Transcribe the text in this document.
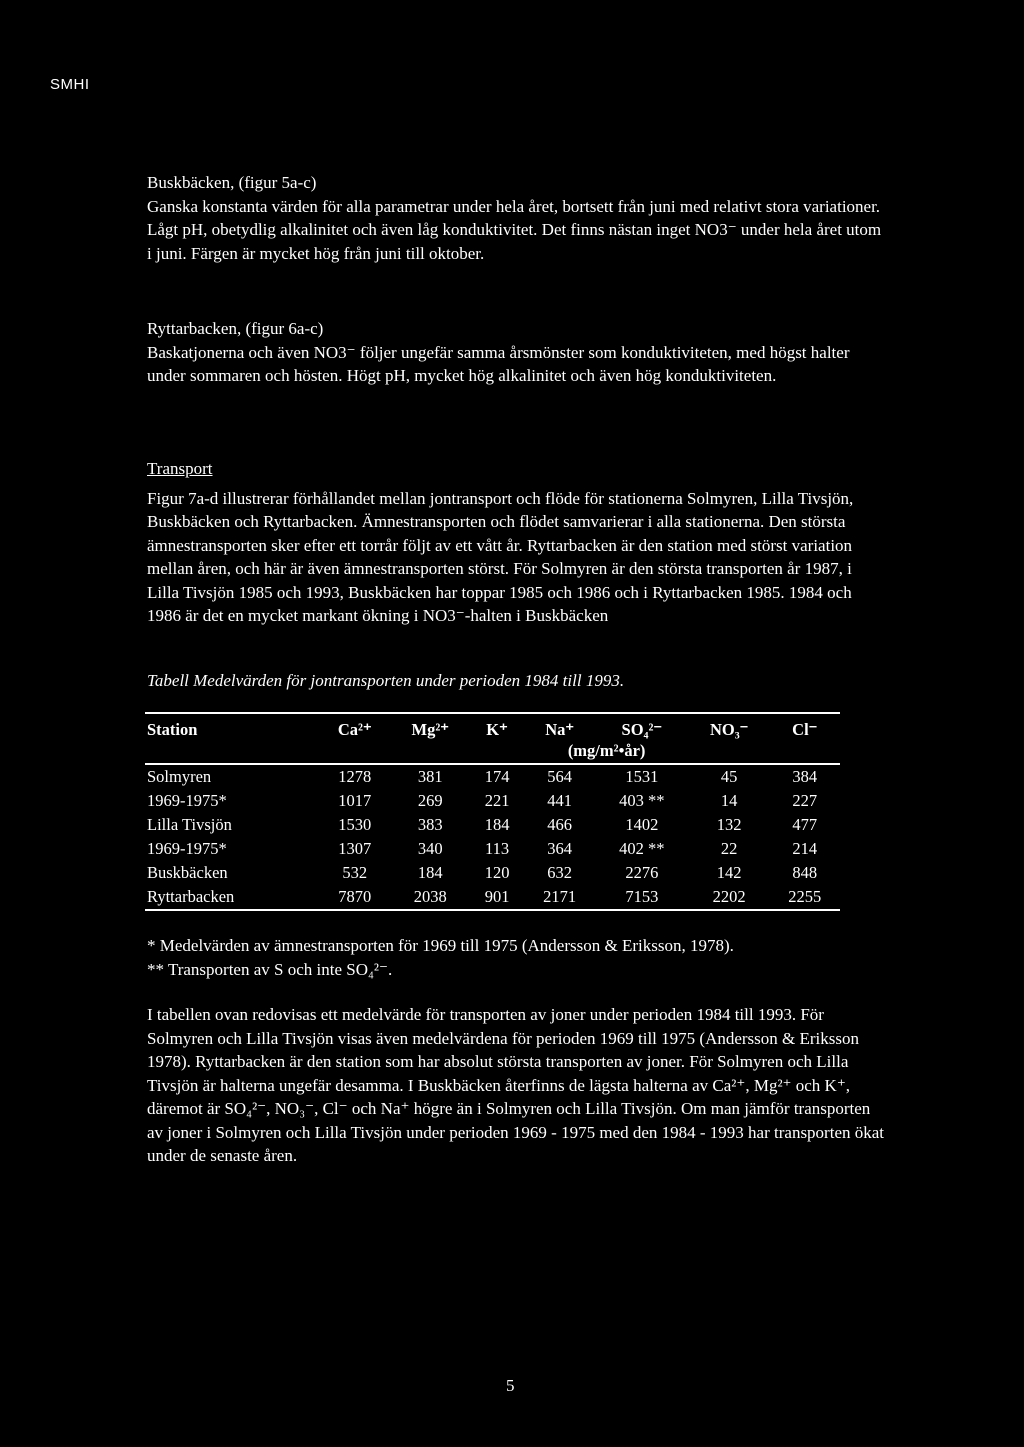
SMHI

Buskbäcken, (figur 5a-c)

Ganska konstanta värden för alla parametrar under hela året, bortsett från juni med relativt stora variationer. Lågt pH, obetydlig alkalinitet och även låg konduktivitet. Det finns nästan inget NO3⁻ under hela året utom i juni. Färgen är mycket hög från juni till oktober.

Ryttarbacken, (figur 6a-c)

Baskatjonerna och även NO3⁻ följer ungefär samma årsmönster som konduktiviteten, med högst halter under sommaren och hösten. Högt pH, mycket hög alkalinitet och även hög konduktiviteten.

Transport

Figur 7a-d illustrerar förhållandet mellan jontransport och flöde för stationerna Solmyren, Lilla Tivsjön, Buskbäcken och Ryttarbacken. Ämnestransporten och flödet samvarierar i alla stationerna. Den största ämnestransporten sker efter ett torrår följt av ett vått år. Ryttarbacken är den station med störst variation mellan åren, och här är även ämnestransporten störst. För Solmyren är den största transporten år 1987, i Lilla Tivsjön 1985 och 1993, Buskbäcken har toppar 1985 och 1986 och i Ryttarbacken 1985. 1984 och 1986 är det en mycket markant ökning i NO3⁻-halten i Buskbäcken

Tabell Medelvärden för jontransporten under perioden 1984 till 1993.
Station	Ca²⁺	Mg²⁺	K⁺	Na⁺	SO₄²⁻	NO₃⁻	Cl⁻
				(mg/m²•år)			
Solmyren	1278	381	174	564	1531	45	384
1969-1975*	1017	269	221	441	403 **	14	227
Lilla Tivsjön	1530	383	184	466	1402	132	477
1969-1975*	1307	340	113	364	402 **	22	214
Buskbäcken	532	184	120	632	2276	142	848
Ryttarbacken	7870	2038	901	2171	7153	2202	2255

* Medelvärden av ämnestransporten för 1969 till 1975 (Andersson & Eriksson, 1978).

** Transporten av S och inte SO₄²⁻.

I tabellen ovan redovisas ett medelvärde för transporten av joner under perioden 1984 till 1993. För Solmyren och Lilla Tivsjön visas även medelvärdena för perioden 1969 till 1975 (Andersson & Eriksson 1978). Ryttarbacken är den station som har absolut största transporten av joner. För Solmyren och Lilla Tivsjön är halterna ungefär desamma. I Buskbäcken återfinns de lägsta halterna av Ca²⁺, Mg²⁺ och K⁺, däremot är SO₄²⁻, NO₃⁻, Cl⁻ och Na⁺ högre än i Solmyren och Lilla Tivsjön. Om man jämför transporten av joner i Solmyren och Lilla Tivsjön under perioden 1969 - 1975 med den 1984 - 1993 har transporten ökat under de senaste åren.
5
